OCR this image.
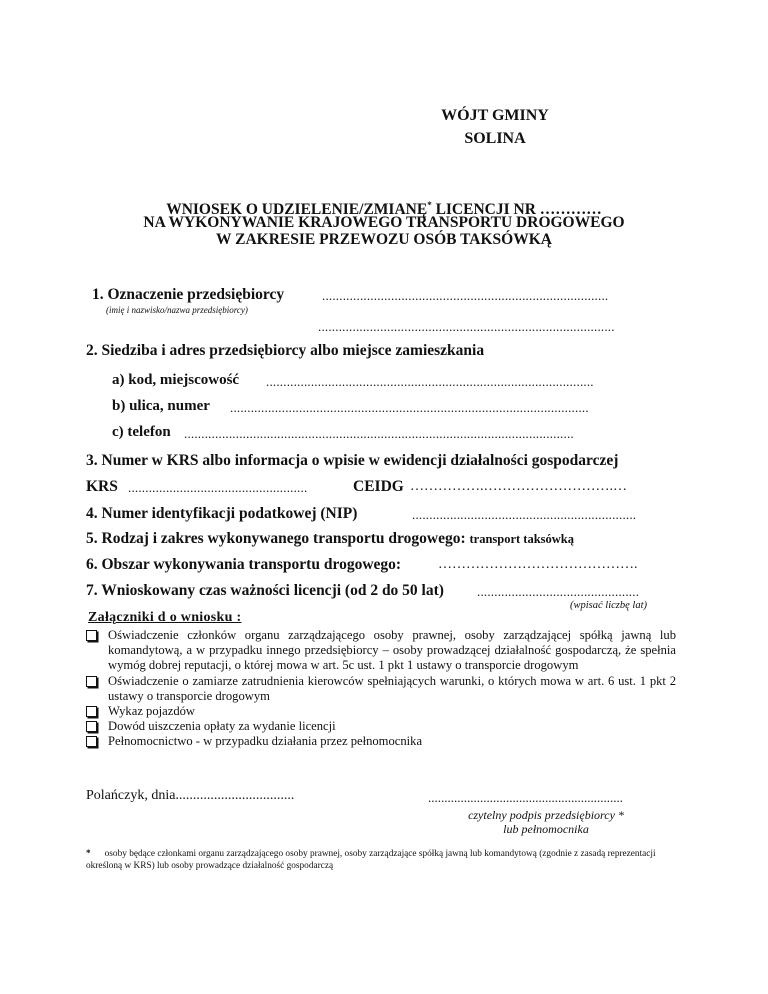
WÓJT GMINY
SOLINA
WNIOSEK O UDZIELENIE/ZMIANĘ* LICENCJI NR …………
NA WYKONYWANIE KRAJOWEGO TRANSPORTU DROGOWEGO
W ZAKRESIE PRZEWOZU OSÓB TAKSÓWKĄ
1. Oznaczenie przedsiębiorcy	...................................................................................
(imię i nazwisko/nazwa przedsiębiorcy)
......................................................................................
2. Siedziba i adres przedsiębiorcy albo miejsce zamieszkania
a) kod, miejscowość ...............................................................................................
b) ulica, numer ........................................................................................................
c) telefon .................................................................................................................
3. Numer w KRS albo informacja o wpisie w ewidencji działalności gospodarczej
KRS ....................................................	CEIDG …………….……………………….…
4. Numer identyfikacji podatkowej (NIP)	.................................................................
5. Rodzaj i zakres wykonywanego transportu drogowego: transport taksówką
6. Obszar wykonywania transportu drogowego:	…………………………………….
7. Wnioskowany czas ważności licencji (od 2 do 50 lat)	...............................................
(wpisać liczbę lat)
Załączniki d o wniosku :
Oświadczenie członków organu zarządzającego osoby prawnej, osoby zarządzającej spółką jawną lub komandytową, a w przypadku innego przedsiębiorcy – osoby prowadzącej działalność gospodarczą, że spełnia wymóg dobrej reputacji, o której mowa w art. 5c ust. 1 pkt 1 ustawy o transporcie drogowym
Oświadczenie o zamiarze zatrudnienia kierowców spełniających warunki, o których mowa w art. 6 ust. 1 pkt 2 ustawy o transporcie drogowym
Wykaz pojazdów
Dowód uiszczenia opłaty za wydanie licencji
Pełnomocnictwo - w przypadku działania przez pełnomocnika
Polańczyk, dnia..................................	............................................................
czytelny podpis przedsiębiorcy *
lub pełnomocnika
* osoby będące członkami organu zarządzającego osoby prawnej, osoby zarządzające spółką jawną lub komandytową (zgodnie z zasadą reprezentacji określoną w KRS) lub osoby prowadzące działalność gospodarczą
